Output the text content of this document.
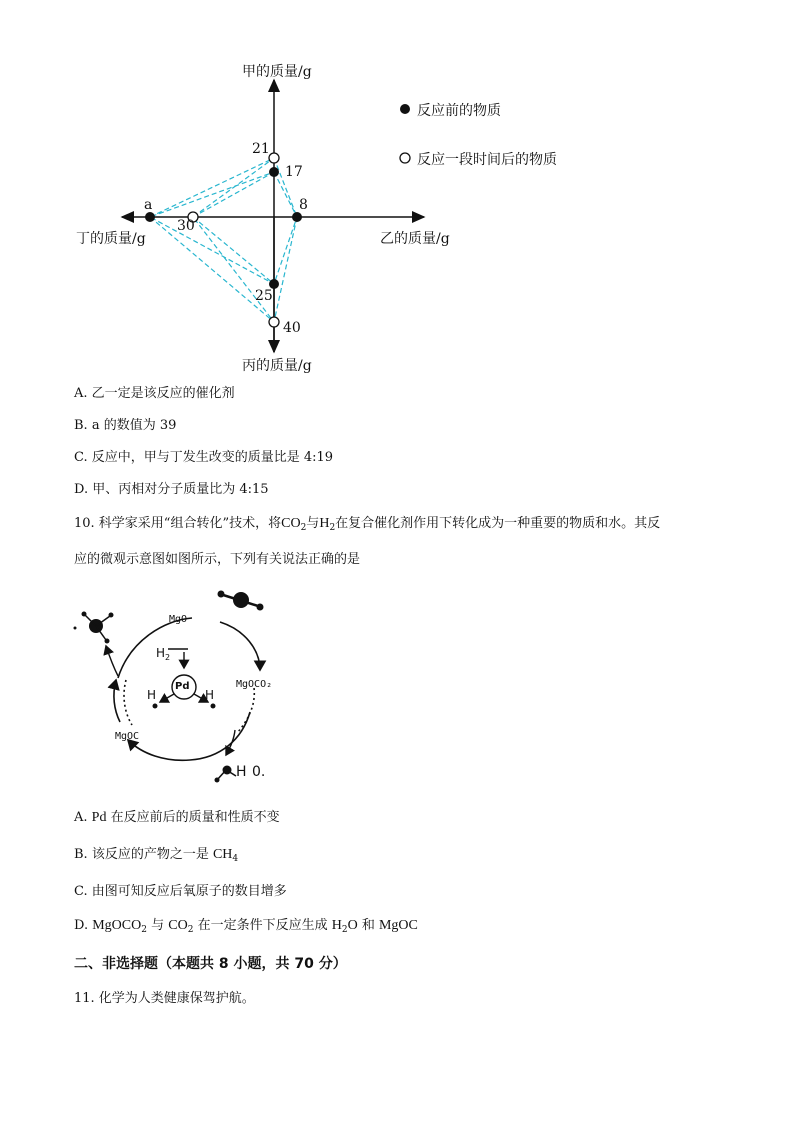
甲的质量/g
丙的质量/g
丁的质量/g	乙的质量/g
反应前的物质
反应一段时间后的物质
a
30
21
17
8
25
40
A. 乙一定是该反应的催化剂
B. a 的数值为 39
C. 反应中，甲与丁发生改变的质量比是 4:19
D. 甲、丙相对分子质量比为 4:15
10. 科学家采用“组合转化”技术，将$CO_2$与$H_2$在复合催化剂作用下转化成为一种重要的物质和水。其反
应的微观示意图如图所示，下列有关说法正确的是
MgO
$H_2$
Pd	MgOCO₂
MgOC
H	H
H 0.
A. Pd 在反应前后的质量和性质不变
B. 该反应的产物之一是 $CH_4$
C. 由图可知反应后氧原子的数目增多
D. MgOCO$_2$ 与 $CO_2$ 在一定条件下反应生成 $H_2O$ 和 MgOC
二、非选择题（本题共 8 小题，共 70 分）
11. 化学为人类健康保驾护航。
